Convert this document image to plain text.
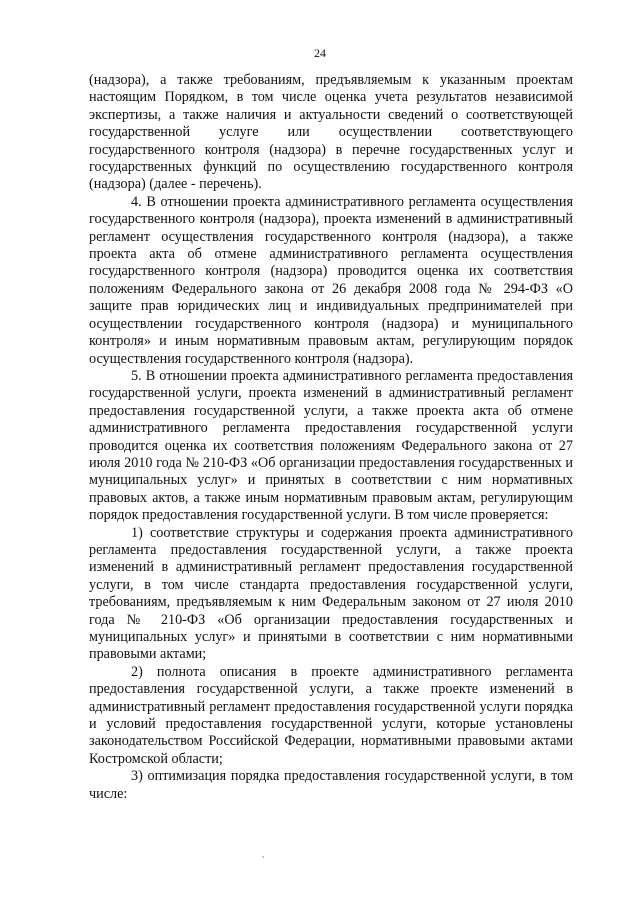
24

(надзора), а также требованиям, предъявляемым к указанным проектам настоящим Порядком, в том числе оценка учета результатов независимой экспертизы, а также наличия и актуальности сведений о соответствующей государственной услуге или осуществлении соответствующего государственного контроля (надзора) в перечне государственных услуг и государственных функций по осуществлению государственного контроля (надзора) (далее - перечень).

4. В отношении проекта административного регламента осуществления государственного контроля (надзора), проекта изменений в административный регламент осуществления государственного контроля (надзора), а также проекта акта об отмене административного регламента осуществления государственного контроля (надзора) проводится оценка их соответствия положениям Федерального закона от 26 декабря 2008 года № 294-ФЗ «О защите прав юридических лиц и индивидуальных предпринимателей при осуществлении государственного контроля (надзора) и муниципального контроля» и иным нормативным правовым актам, регулирующим порядок осуществления государственного контроля (надзора).

5. В отношении проекта административного регламента предоставления государственной услуги, проекта изменений в административный регламент предоставления государственной услуги, а также проекта акта об отмене административного регламента предоставления государственной услуги проводится оценка их соответствия положениям Федерального закона от 27 июля 2010 года № 210-ФЗ «Об организации предоставления государственных и муниципальных услуг» и принятых в соответствии с ним нормативных правовых актов, а также иным нормативным правовым актам, регулирующим порядок предоставления государственной услуги. В том числе проверяется:

1) соответствие структуры и содержания проекта административного регламента предоставления государственной услуги, а также проекта изменений в административный регламент предоставления государственной услуги, в том числе стандарта предоставления государственной услуги, требованиям, предъявляемым к ним Федеральным законом от 27 июля 2010 года № 210-ФЗ «Об организации предоставления государственных и муниципальных услуг» и принятыми в соответствии с ним нормативными правовыми актами;

2) полнота описания в проекте административного регламента предоставления государственной услуги, а также проекте изменений в административный регламент предоставления государственной услуги порядка и условий предоставления государственной услуги, которые установлены законодательством Российской Федерации, нормативными правовыми актами Костромской области;

3) оптимизация порядка предоставления государственной услуги, в том числе:
